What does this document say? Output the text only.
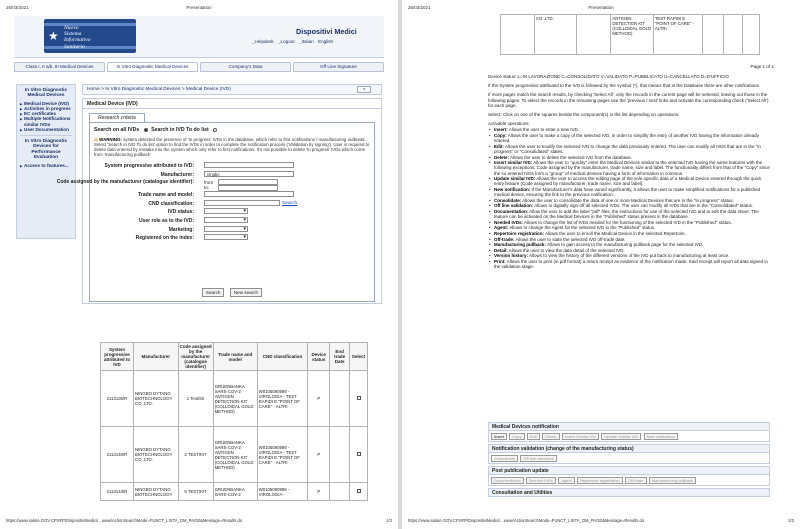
26/03/2021	Presentation
★
Nuovo
Sistema
Informativo
Sanitario
Dispositivi Medici
_Helpdesk _Logout _Italian English
Class I, II a/b, III Medical Devices	In Vitro Diagnostic Medical Devices	Company's Data	Off Line Signature
In Vitro Diagnostic Medical Devices
▶ Medical Device (IVD)
▶ Activities in progress
▶ EC certificates
▶ Multiple Notifications similar IVDs
▶ User Documentation
In Vitro Diagnostic Devices for Performance Evaluation
▶ Access to features...
Home > In Vitro Diagnostic Medical Devices > Medical Device (IVD)	?
Medical Device (IVD)
Research criteria
Search on all IVDs Search in IVD To do list
⚠ WARNING: system detected the presence of 'In progress' IVDs in the database, which refer to first notifications / manufacturing outbreak. Select 'Search in IVD To do list' option to find the IVDs in order to complete the notification process ('Validation by signing'). User is required to delete data entered by mistake into the system which only refer to first notifications. It's not possible to delete 'In progress' IVDs which come from 'manufacturing pullback'
System progressive attributed to IVD:
Manufacturer:	ningbo
Code assigned by the manufacturer (catalogue identifier): from
to:
Trade name and model:
CND classification:	Search
IVD status:
▾
User role as to the IVD:
▾
Marketing:
▾
Registered on the index:
▾
Search	New search
System progressive attributed to IVD	Manufacturer	Code assigned by the manufacturer (catalogue identifier)	Trade name and model	CND classification	Device status	End trade Date	Select
2113136/R	NINGBO DYTANG BIOTECHNOLOGY CO.,LTD.	1 Test/Kit	GRUENBANKA SARS-COV-2 ANTIGEN DETECTION KIT (COLLOIDAL GOLD METHOD)	W0105090999 - VIROLOGIA - TEST RAPIDI E "POINT OF CARE" - ALTRI	P		
2113140/R	NINGBO DYTANG BIOTECHNOLOGY CO.,LTD.	2 TEST/KIT	GRUENBANKA SARS-COV-2 ANTIGEN DETECTION KIT (COLLOIDAL GOLD METHOD)	W0105090999 - VIROLOGIA - TEST RAPIDI E "POINT OF CARE" - ALTRI	P		
2113143/R	NINGBO DYTANG BIOTECHNOLOGY	5 TEST/KIT	GRUENBANKA SARS-COV-2	W0105090999 - VIROLOGIA -	P		
https://www.salute.GOV.CPSFP/DispositiviMedici/...www/ActionSearchMode=FUNCT_LISTA_DM_PAGE&Message=Results.do	1/3
26/03/2021	Presentation
	CO.,LTD.		ANTIGEN DETECTION KIT (COLLOIDAL GOLD METHOD)	TEST RAPIDI E "POINT OF CARE" - ALTRI			
Page 1 of 1

Device status: L=IN LAVORAZIONE C=CONSOLIDATO V=VALIDATO P=PUBBLICATO U=CANCELLATO D=D'UFFICIO

If the System progressive attributed to the IVD is followed by the symbol (*), this means that in the Database there are other notifications.

If more pages match the search results, by checking 'Select All', only the records in the current page will be selected, leaving out those in the following pages. To select the records in the remaining pages use the 'previous / next' links and activate the corresponding check ('Select All') for each page.

Select: Click on one of the squares beside the component(s) in the list depending on operations.

Activable operations:

• Insert: Allows the user to enter a new IVD.
• Copy: Allows the user to make a copy of the selected IVD, in order to simplify the entry of another IVD having the information already entered.
• Edit: Allows the user to modify the selected IVD to change the data previously entered. The user can modify all IVDs that are in the "in progress" or "Consolidated" states.
• Delete: Allows the user to delete the selected IVD from the database.
• Insert similar IVD: Allows the user to "quickly" enter the Medical Devices similar to the selected IVD having the same features with the following exceptions: Code assigned by the manufacturer, trade name, size and label. The functionality differs from that of the "Copy" since the so entered IVDs form a "group" of medical devices having a form of information in common.
• Update similar IVD: Allows the user to access the editing page of the sole specific data of a Medical Device entered through the quick entry feature (Code assigned by manufacturer, trade name, size and label).
• New notification: If the Manufacturer's data have varied significantly, it allows the user to make simplified notifications for a published medical device, ensuring the link to the previous notification.
• Consolidate: Allows the user to consolidate the data of one or more Medical Devices that are in the "in progress" status.
• Off line validation: Allows to digitally sign-off all selected IVDs. The user can modify all IVDs that are in the "Consolidated" status.
• Documentation: Allow the user to add the label "pdf" files, the instructions for use of the selected IVD and to edit the data sheet. The feature can be activated on the Medical Devices in the "Published" status present in the database.
• Needed IVDs: Allows to change the list of IVDs needed for the functioning of the selected IVD in the "Published" status.
• Agent: Allows to change the Agent for the selected IVD in the "Published" status.
• Repertoire registration: Allows the user to enroll the Medical Device in the selected Repertoire.
• Off-trade: Allows the user to state the selected IVD off-trade date.
• Manufacturing pullback: Allows to gain access to the manufacturing pullback page for the selected IVD.
• Detail: Allows the user to view the data detail of the selected IVD.
• Version history: Allows to view the history of the different versions of the IVD put back to manufacturing at least once.
• Print: Allows the user to print (in pdf format) a return receipt as evidence of the notification made. Said receipt will report all data signed in the validation stage.
Medical Devices notification
Insert Copy Edit Delete Insert Similar IVD Update Similar IVD New notification
Notification validation (change of the manufacturing status)
Consolidate Off line validation
Post publication update
Documentation Needed IVDs Agent Repertoire registration Off-trade Manufacturing pullback
Consultation and Utilities
https://www.salute.GOV.CPSFP/DispositiviMedici/...www/ActionSearchMode=FUNCT_LISTA_DM_PAGE&Message=Results.do	2/3
